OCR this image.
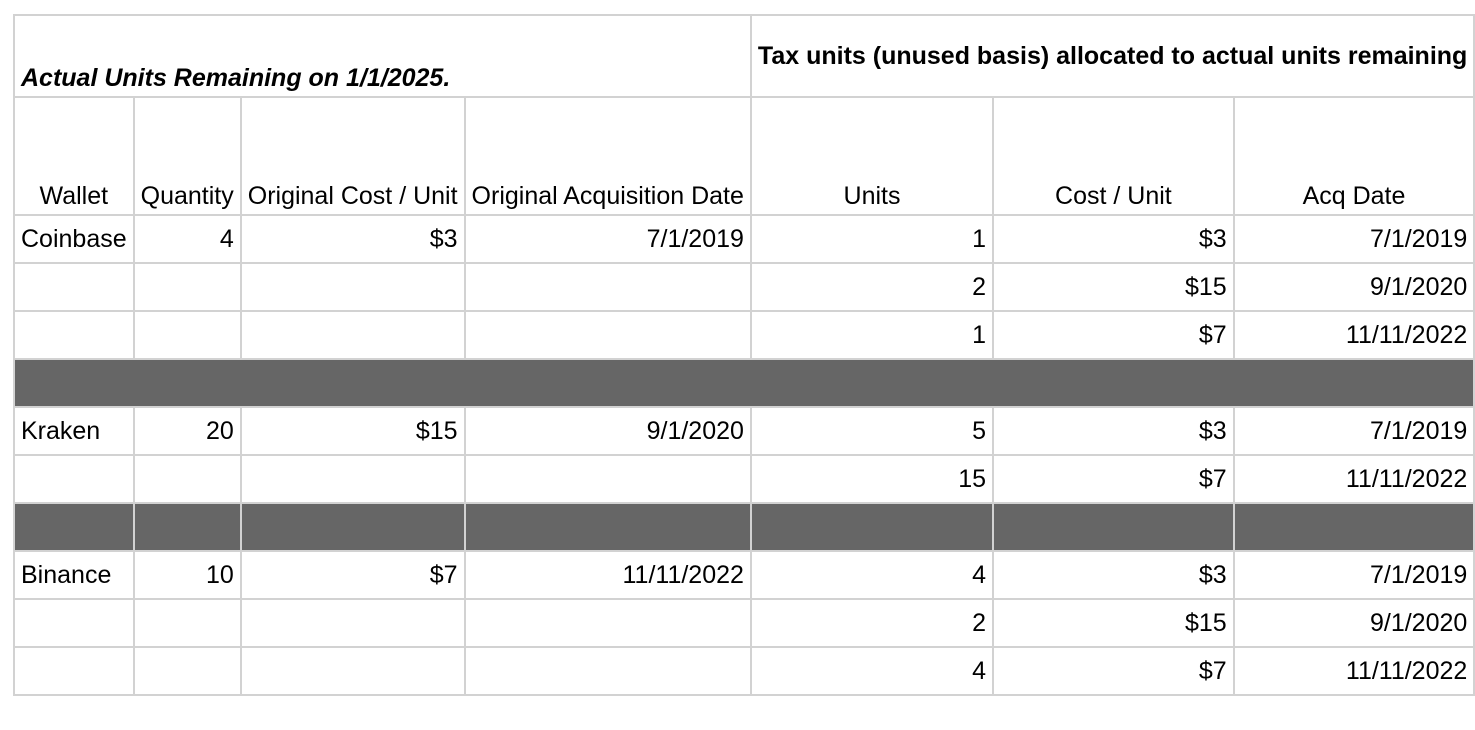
Actual Units Remaining on 1/1/2025.				Tax units (unused basis) allocated to actual units remaining		
Wallet	Quantity	Original Cost / Unit	Original Acquisition Date	Units	Cost / Unit	Acq Date
Coinbase	4	$3	7/1/2019	1	$3	7/1/2019
				2	$15	9/1/2020
				1	$7	11/11/2022

Kraken	20	$15	9/1/2020	5	$3	7/1/2019
				15	$7	11/11/2022

Binance	10	$7	11/11/2022	4	$3	7/1/2019
				2	$15	9/1/2020
				4	$7	11/11/2022
